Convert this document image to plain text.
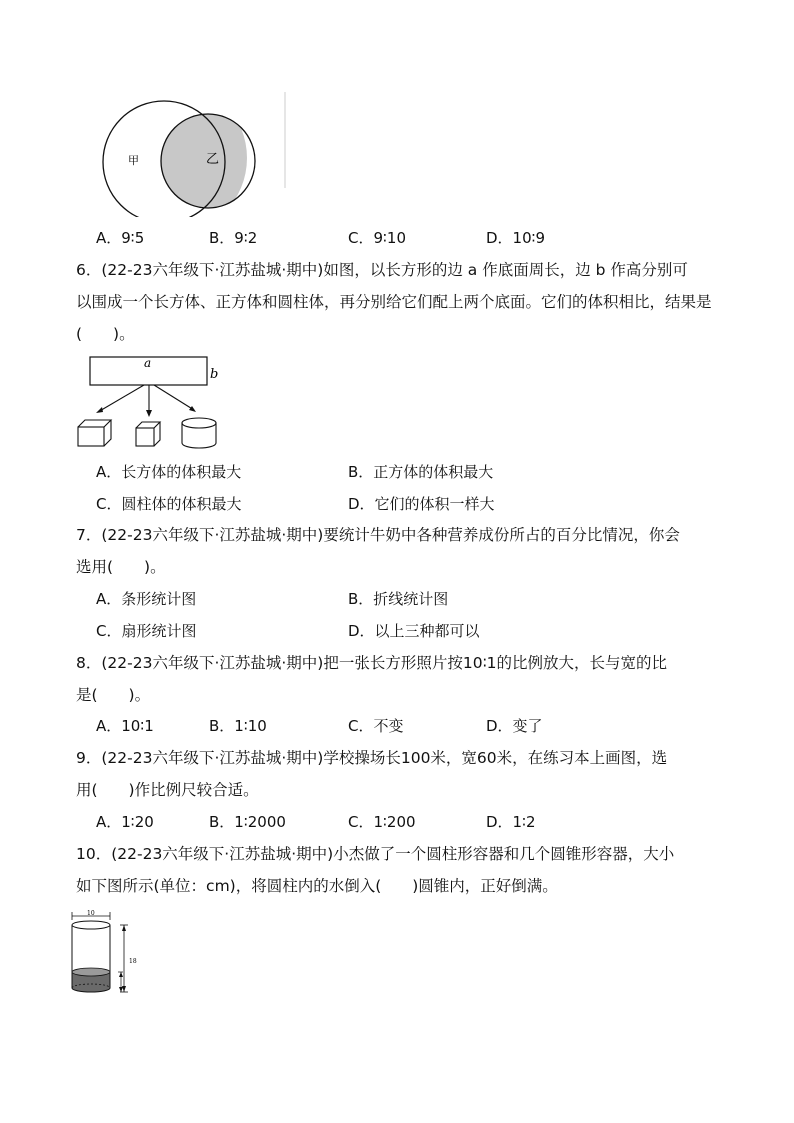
甲	乙
A．9∶5	B．9∶2	C．9∶10	D．10∶9
6．(22-23六年级下·江苏盐城·期中)如图，以长方形的边 a 作底面周长，边 b 作高分别可
以围成一个长方体、正方体和圆柱体，再分别给它们配上两个底面。它们的体积相比，结果是
(　　)。
a
b
A．长方体的体积最大	B．正方体的体积最大
C．圆柱体的体积最大	D．它们的体积一样大
7．(22-23六年级下·江苏盐城·期中)要统计牛奶中各种营养成份所占的百分比情况，你会
选用(　　)。
A．条形统计图	B．折线统计图
C．扇形统计图	D．以上三种都可以
8．(22-23六年级下·江苏盐城·期中)把一张长方形照片按10∶1的比例放大，长与宽的比
是(　　)。
A．10∶1	B．1∶10	C．不变	D．变了
9．(22-23六年级下·江苏盐城·期中)学校操场长100米，宽60米，在练习本上画图，选
用(　　)作比例尺较合适。
A．1∶20	B．1∶2000	C．1∶200	D．1∶2
10．(22-23六年级下·江苏盐城·期中)小杰做了一个圆柱形容器和几个圆锥形容器，大小
如下图所示(单位：cm)，将圆柱内的水倒入(　　)圆锥内，正好倒满。
10
18
